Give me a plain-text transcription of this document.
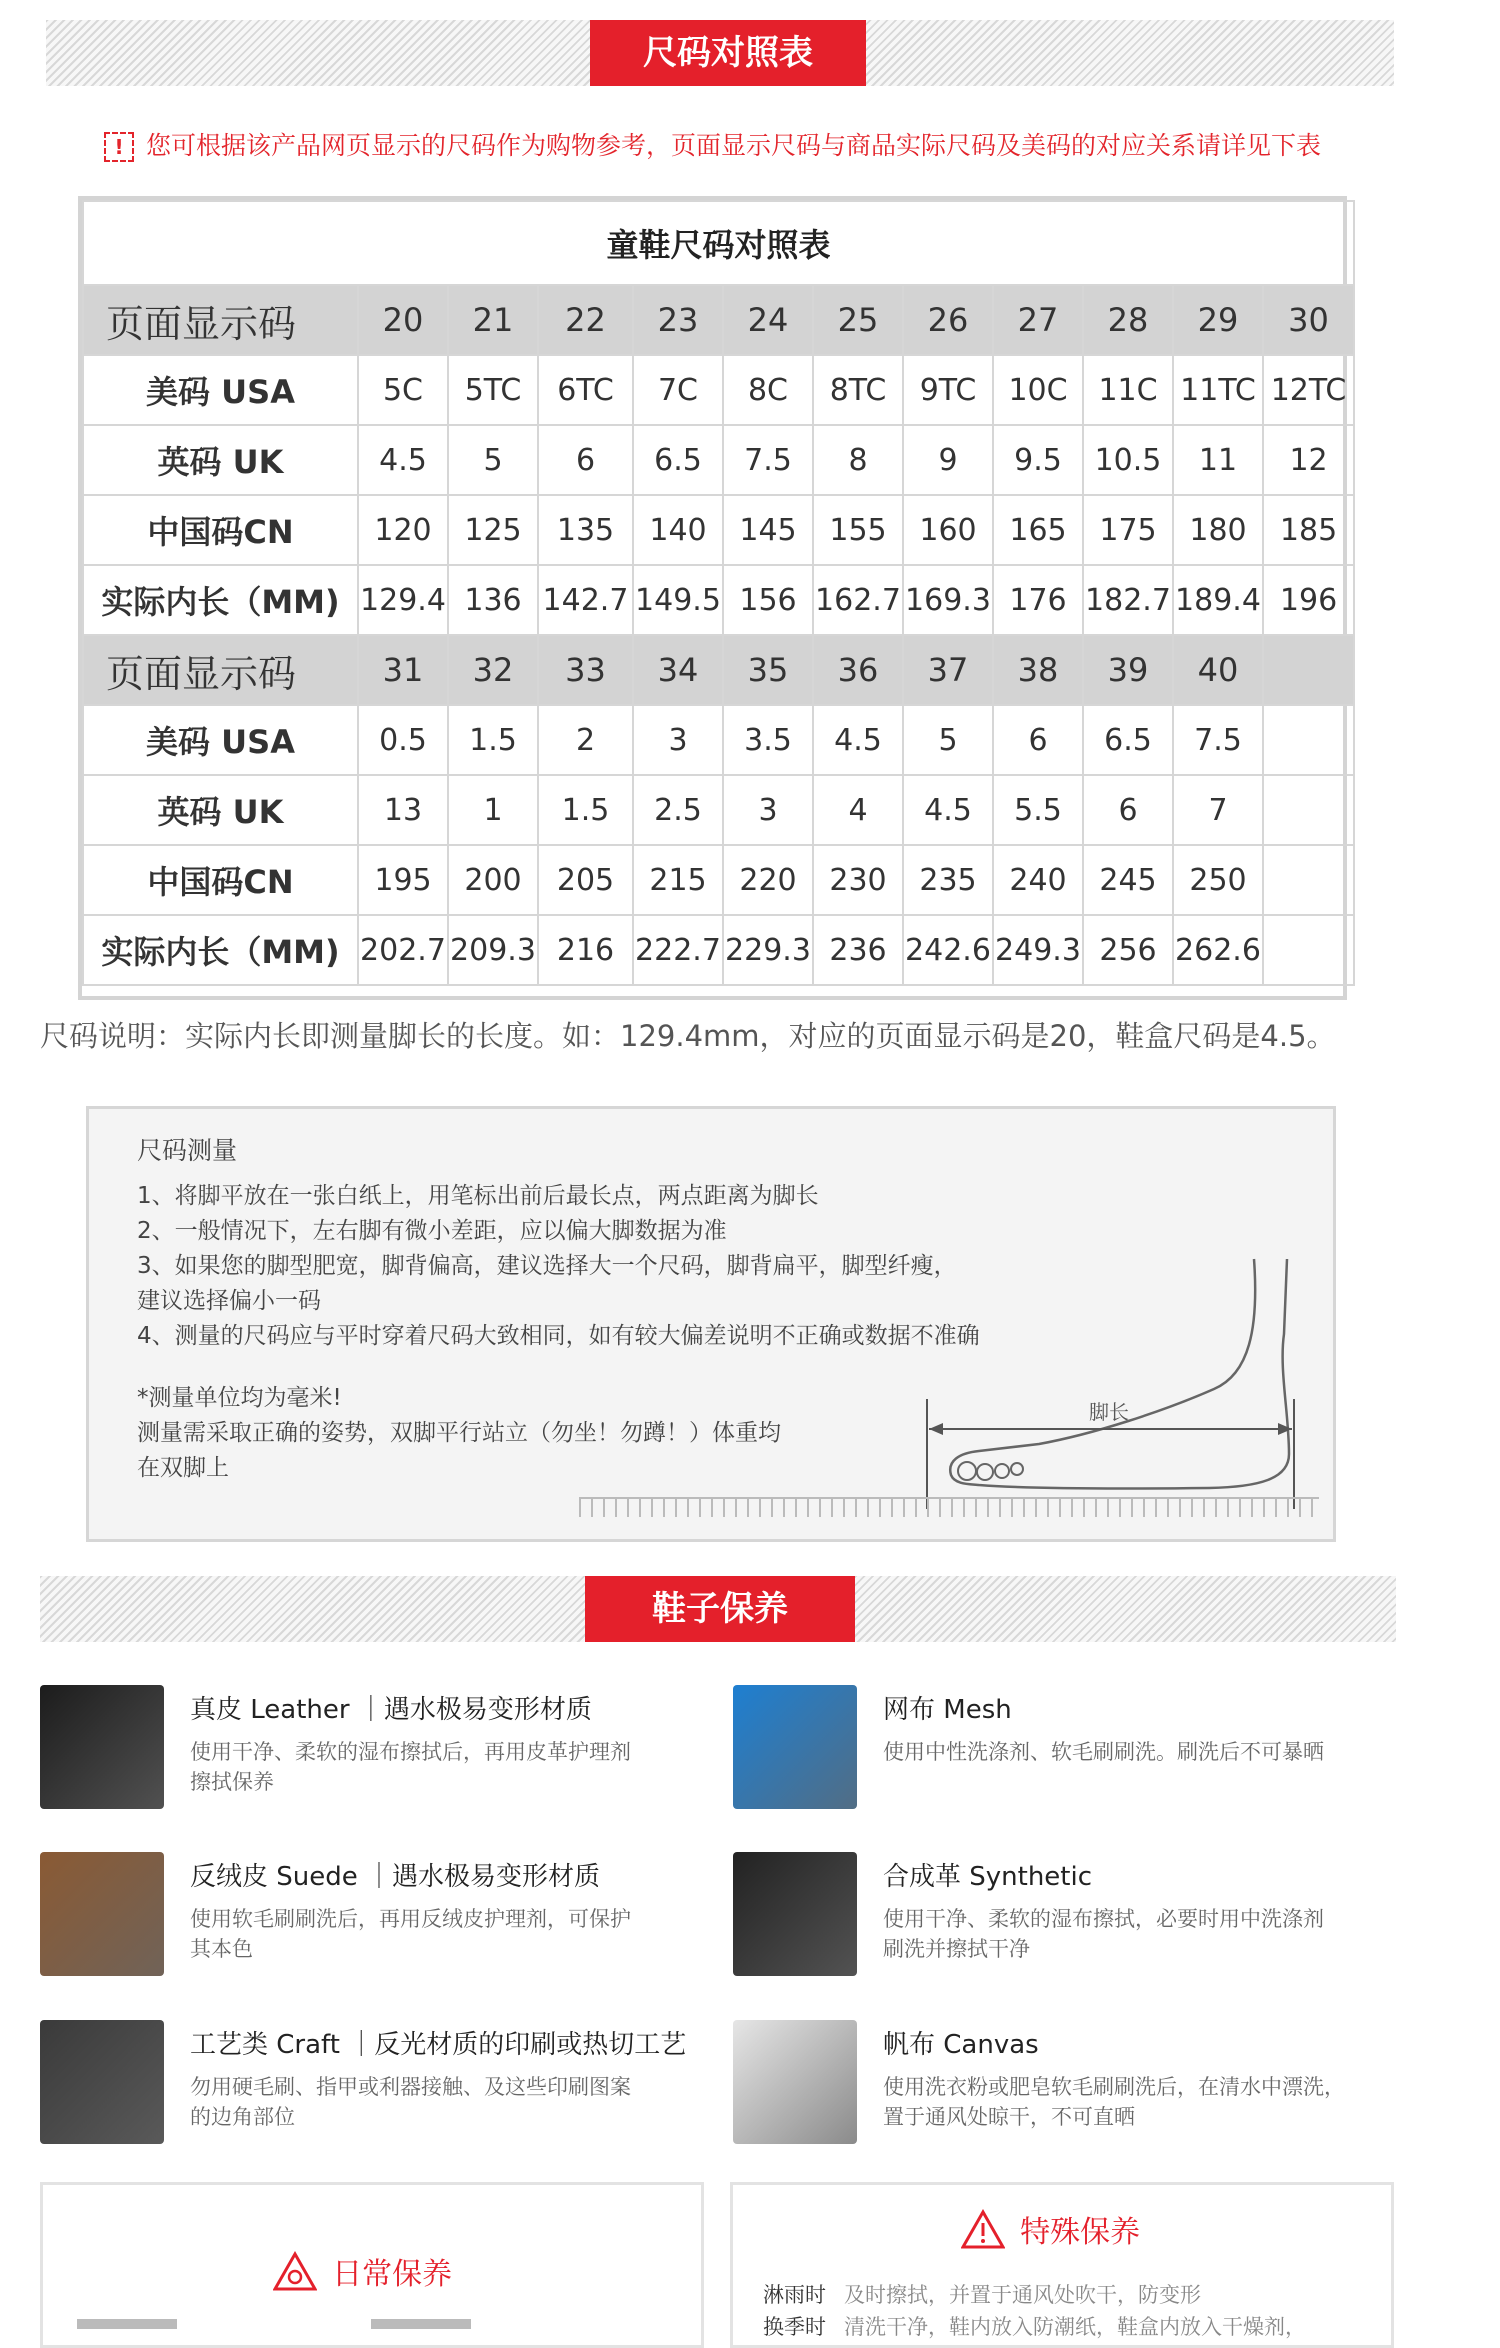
尺码对照表
! 您可根据该产品网页显示的尺码作为购物参考，页面显示尺码与商品实际尺码及美码的对应关系请详见下表
童鞋尺码对照表											
页面显示码	20	21	22	23	24	25	26	27	28	29	30
美码 USA	5C	5TC	6TC	7C	8C	8TC	9TC	10C	11C	11TC	12TC
英码 UK	4.5	5	6	6.5	7.5	8	9	9.5	10.5	11	12
中国码CN	120	125	135	140	145	155	160	165	175	180	185
实际内长（MM)	129.4	136	142.7	149.5	156	162.7	169.3	176	182.7	189.4	196
页面显示码	31	32	33	34	35	36	37	38	39	40	
美码 USA	0.5	1.5	2	3	3.5	4.5	5	6	6.5	7.5	
英码 UK	13	1	1.5	2.5	3	4	4.5	5.5	6	7	
中国码CN	195	200	205	215	220	230	235	240	245	250	
实际内长（MM)	202.7	209.3	216	222.7	229.3	236	242.6	249.3	256	262.6	
尺码说明：实际内长即测量脚长的长度。如：129.4mm，对应的页面显示码是20，鞋盒尺码是4.5。
尺码测量
1、将脚平放在一张白纸上，用笔标出前后最长点，两点距离为脚长
2、一般情况下，左右脚有微小差距，应以偏大脚数据为准
3、如果您的脚型肥宽，脚背偏高，建议选择大一个尺码，脚背扁平，脚型纤瘦，
建议选择偏小一码
4、测量的尺码应与平时穿着尺码大致相同，如有较大偏差说明不正确或数据不准确
*测量单位均为毫米!
测量需采取正确的姿势，双脚平行站立（勿坐！勿蹲！）体重均
在双脚上
脚长
鞋子保养
真皮 Leather ｜遇水极易变形材质
使用干净、柔软的湿布擦拭后，再用皮革护理剂
擦拭保养
网布 Mesh
使用中性洗涤剂、软毛刷刷洗。刷洗后不可暴晒
反绒皮 Suede ｜遇水极易变形材质
使用软毛刷刷洗后，再用反绒皮护理剂，可保护
其本色
合成革 Synthetic
使用干净、柔软的湿布擦拭，必要时用中洗涤剂
刷洗并擦拭干净
工艺类 Craft ｜反光材质的印刷或热切工艺
勿用硬毛刷、指甲或利器接触、及这些印刷图案
的边角部位
帆布 Canvas
使用洗衣粉或肥皂软毛刷刷洗后，在清水中漂洗，
置于通风处晾干，不可直晒
日常保养
特殊保养
淋雨时 及时擦拭，并置于通风处吹干，防变形
换季时 清洗干净，鞋内放入防潮纸，鞋盒内放入干燥剂，
